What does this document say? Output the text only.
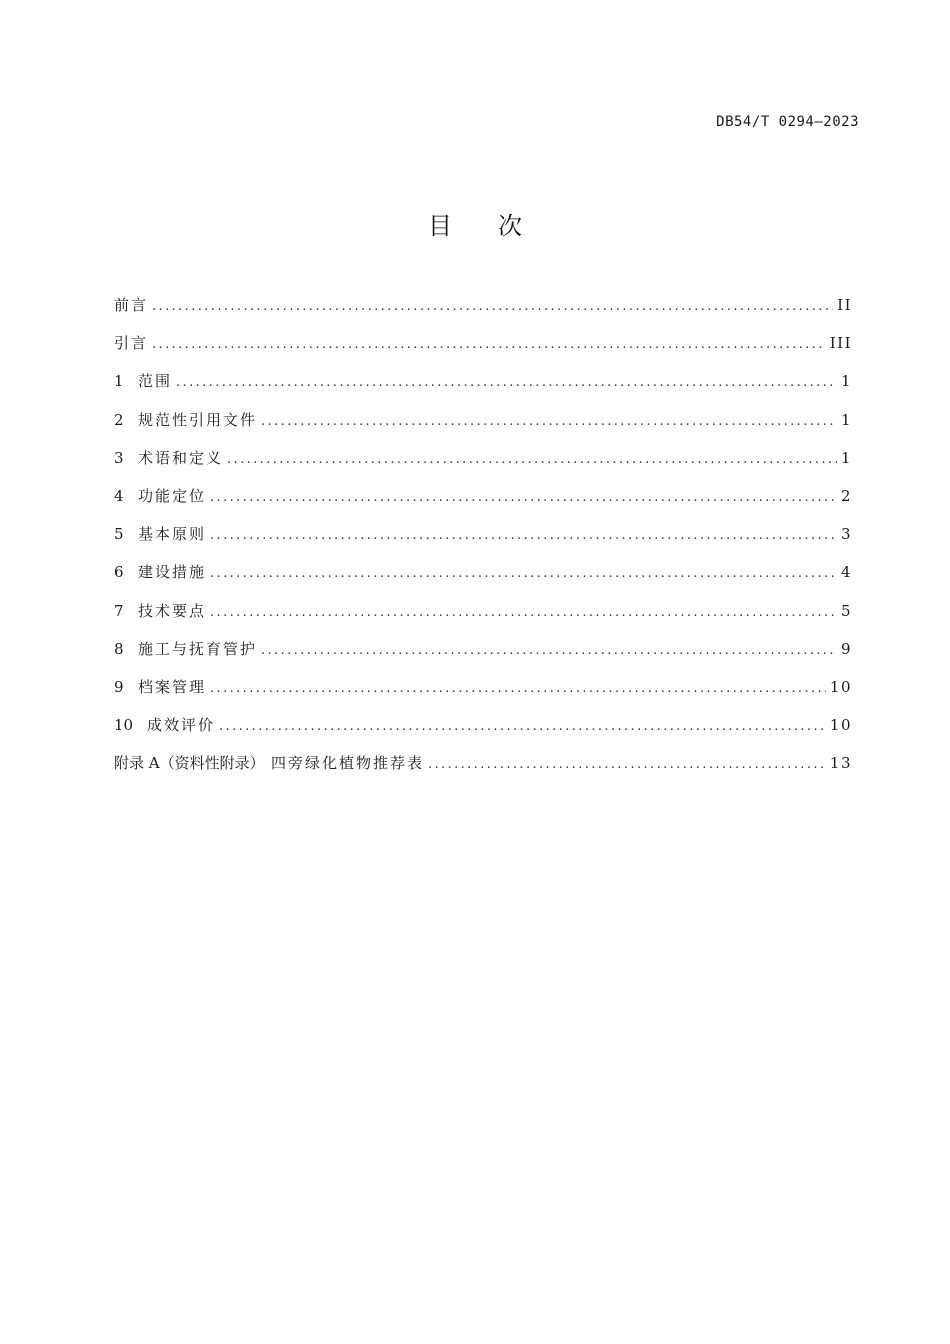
DB54/T 0294—2023
目次
前言 .....	II
引言 .....	III
1 范围 .....	1
2 规范性引用文件 .....	1
3 术语和定义 .....	1
4 功能定位 .....	2
5 基本原则 .....	3
6 建设措施 .....	4
7 技术要点 .....	5
8 施工与抚育管护 .....	9
9 档案管理 .....	10
10 成效评价 .....	10
附录 A（资料性附录） 四旁绿化植物推荐表 .....	13
